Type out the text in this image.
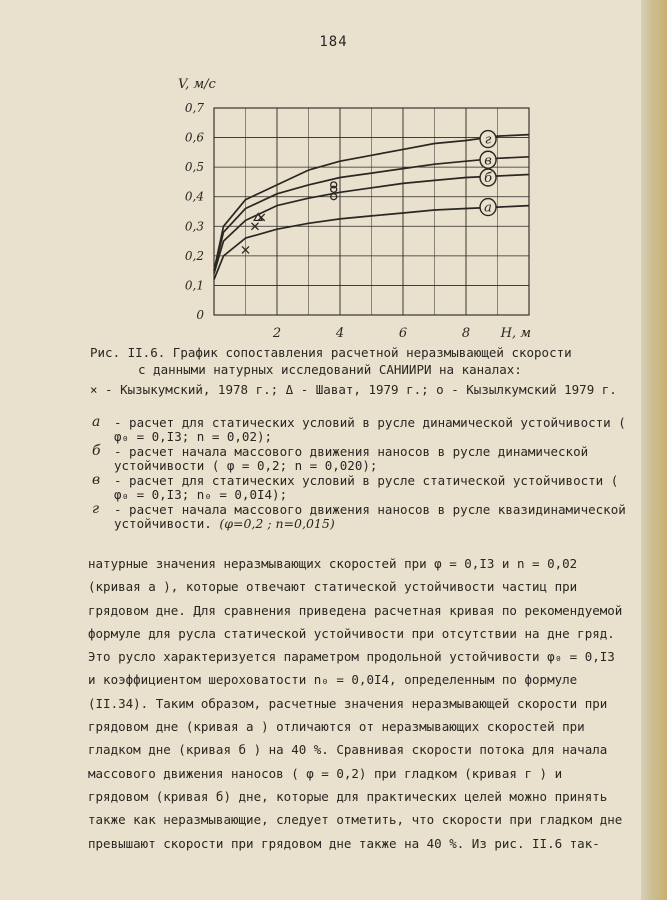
184
0
0,1
0,2
0,3
0,4
0,5
0,6
0,7
2	4	6	8
V, м/с
H, м
г
в
б
а
Рис. II.6. График сопоставления расчетной неразмывающей скорости
с данными натурных исследований САНИИРИ на каналах:
× - Кызыкумский, 1978 г.; Δ - Шават, 1979 г.; о - Кызылкумский 1979 г.
а	- расчет для статических условий в русле динамической устойчивости ( φ₀ = 0,I3; n = 0,02);
б	- расчет начала массового движения наносов в русле динамической устойчивости ( φ = 0,2; n = 0,020);
в	- расчет для статических условий в русле статической устойчивости ( φ₀ = 0,I3; n₀ = 0,0I4);
г	- расчет начала массового движения наносов в русле квазидинамической устойчивости. (φ=0,2 ; n=0,015)

натурные значения неразмывающих скоростей при φ = 0,I3 и n = 0,02 (кривая а ), которые отвечают статической устойчивости частиц при грядовом дне. Для сравнения приведена расчетная кривая по рекомендуемой формуле для русла статической устойчивости при отсутствии на дне гряд. Это русло характеризуется параметром продольной устойчивости φ₀ = 0,I3 и коэффициентом шероховатости n₀ = 0,0I4, определенным по формуле (II.34). Таким образом, расчетные значения неразмывающей скорости при грядовом дне (кривая а ) отличаются от неразмывающих скоростей при гладком дне (кривая б ) на 40 %. Сравнивая скорости потока для начала массового движения наносов ( φ = 0,2) при гладком (кривая г ) и грядовом (кривая б) дне, которые для практических целей можно принять также как неразмывающие, следует отметить, что скорости при гладком дне превышают скорости при грядовом дне также на 40 %. Из рис. II.6 так-
